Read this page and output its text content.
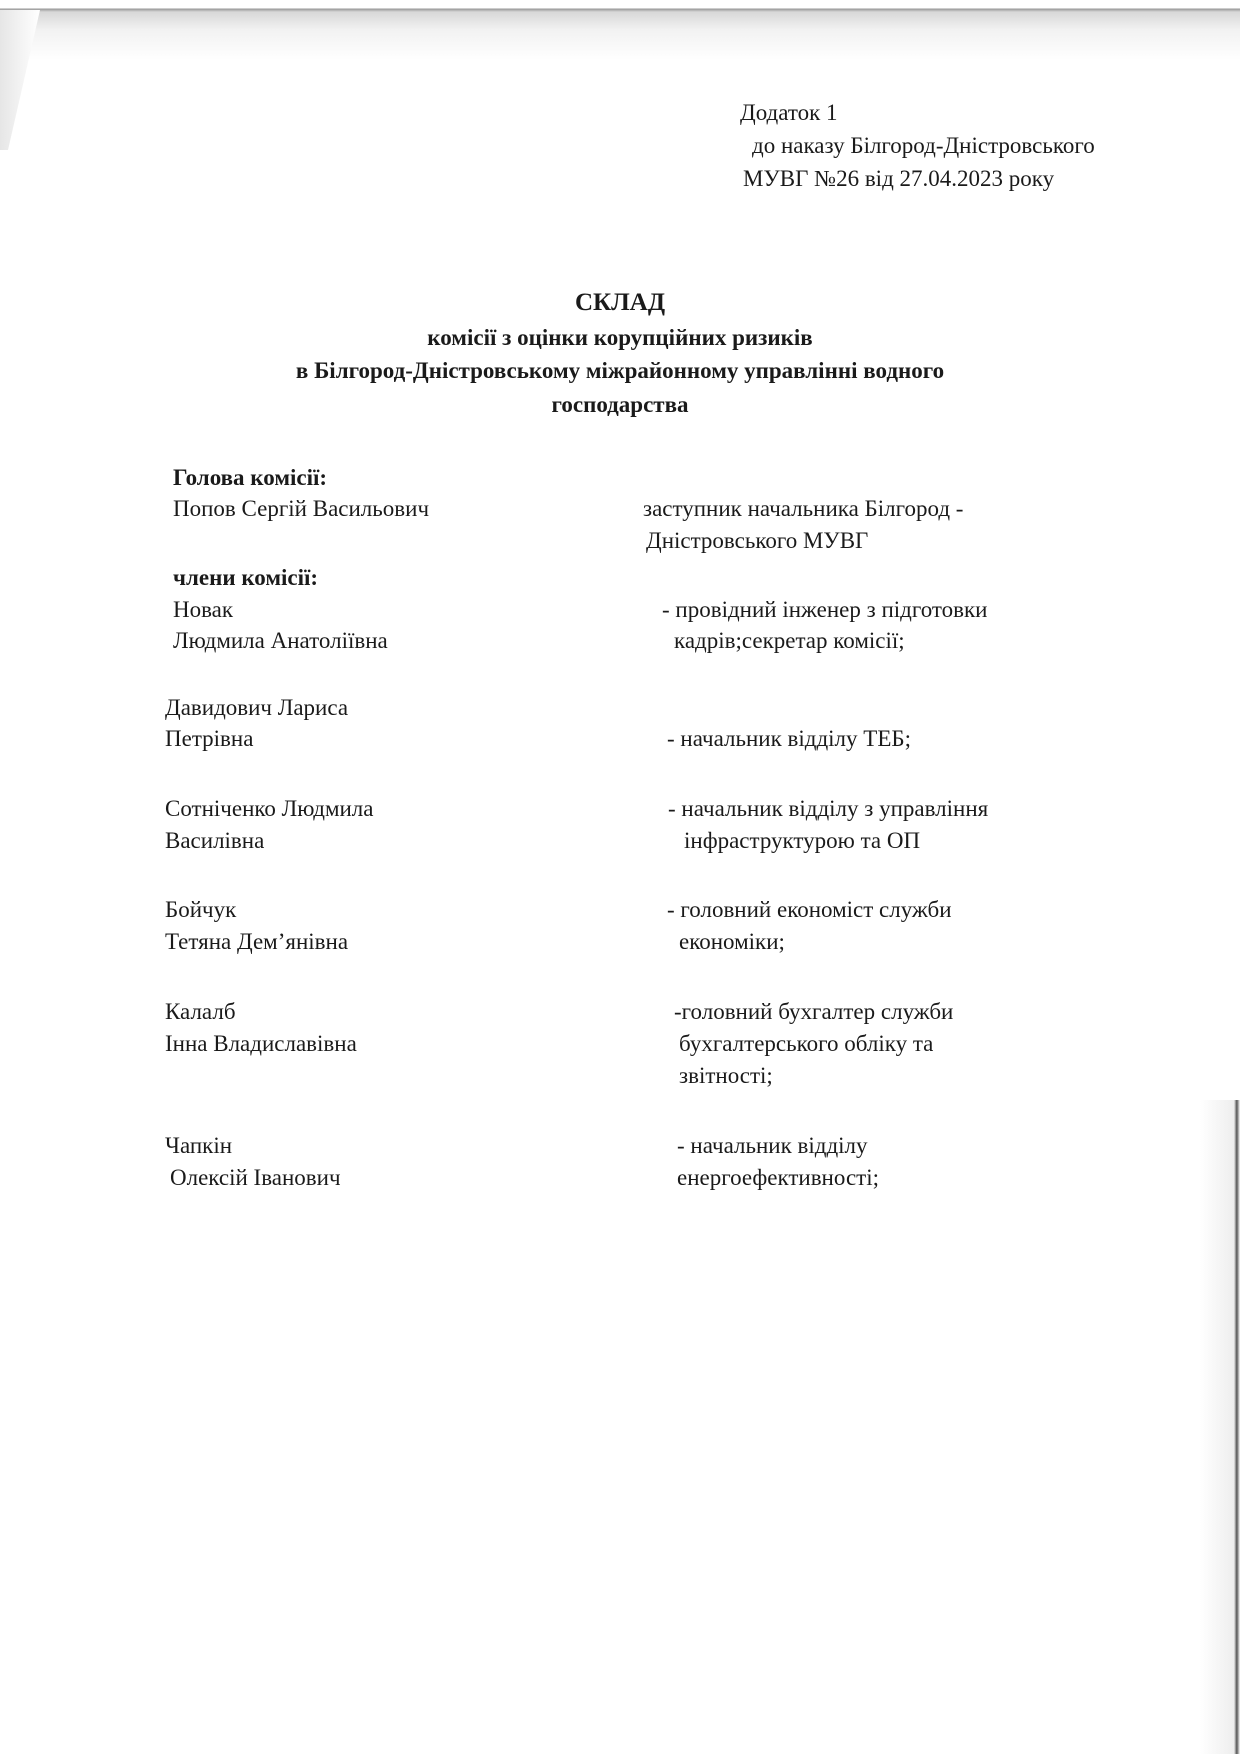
Додаток 1
до наказу Білгород-Дністровського
МУВГ №26 від 27.04.2023 року
СКЛАД
комісії з оцінки корупційних ризиків
в Білгород-Дністровському міжрайонному управлінні водного
господарства
Голова комісії:
Попов Сергій Васильович	заступник начальника Білгород -
Дністровського МУВГ
члени комісії:
Новак
Людмила Анатоліївна
- провідний інженер з підготовки
кадрів;секретар комісії;
Давидович Лариса
Петрівна	- начальник відділу ТЕБ;
Сотніченко Людмила
Василівна
- начальник відділу з управління
інфраструктурою та ОП
Бойчук
Тетяна Дем’янівна
- головний економіст служби
економіки;
Калалб
Інна Владиславівна
-головний бухгалтер служби
бухгалтерського обліку та
звітності;
Чапкін
Олексій Іванович
- начальник відділу
енергоефективності;
